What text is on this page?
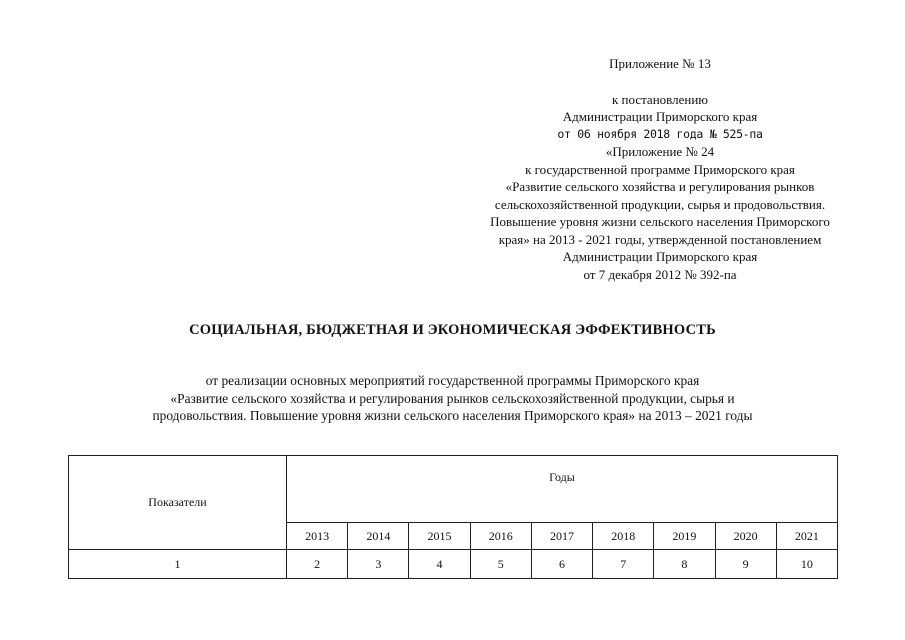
Приложение № 13
к постановлению
Администрации Приморского края
от 06 ноября 2018 года № 525-па
«Приложение № 24
к государственной программе Приморского края
«Развитие сельского хозяйства и регулирования рынков
сельскохозяйственной продукции, сырья и продовольствия.
Повышение уровня жизни сельского населения Приморского
края» на 2013 - 2021 годы, утвержденной постановлением
Администрации Приморского края
от 7 декабря 2012 № 392-па
СОЦИАЛЬНАЯ, БЮДЖЕТНАЯ И ЭКОНОМИЧЕСКАЯ ЭФФЕКТИВНОСТЬ
от реализации основных мероприятий государственной программы Приморского края
«Развитие сельского хозяйства и регулирования рынков сельскохозяйственной продукции, сырья и
продовольствия. Повышение уровня жизни сельского населения Приморского края» на 2013 – 2021 годы
Показатели	Годы								
	2013	2014	2015	2016	2017	2018	2019	2020	2021
1	2	3	4	5	6	7	8	9	10
